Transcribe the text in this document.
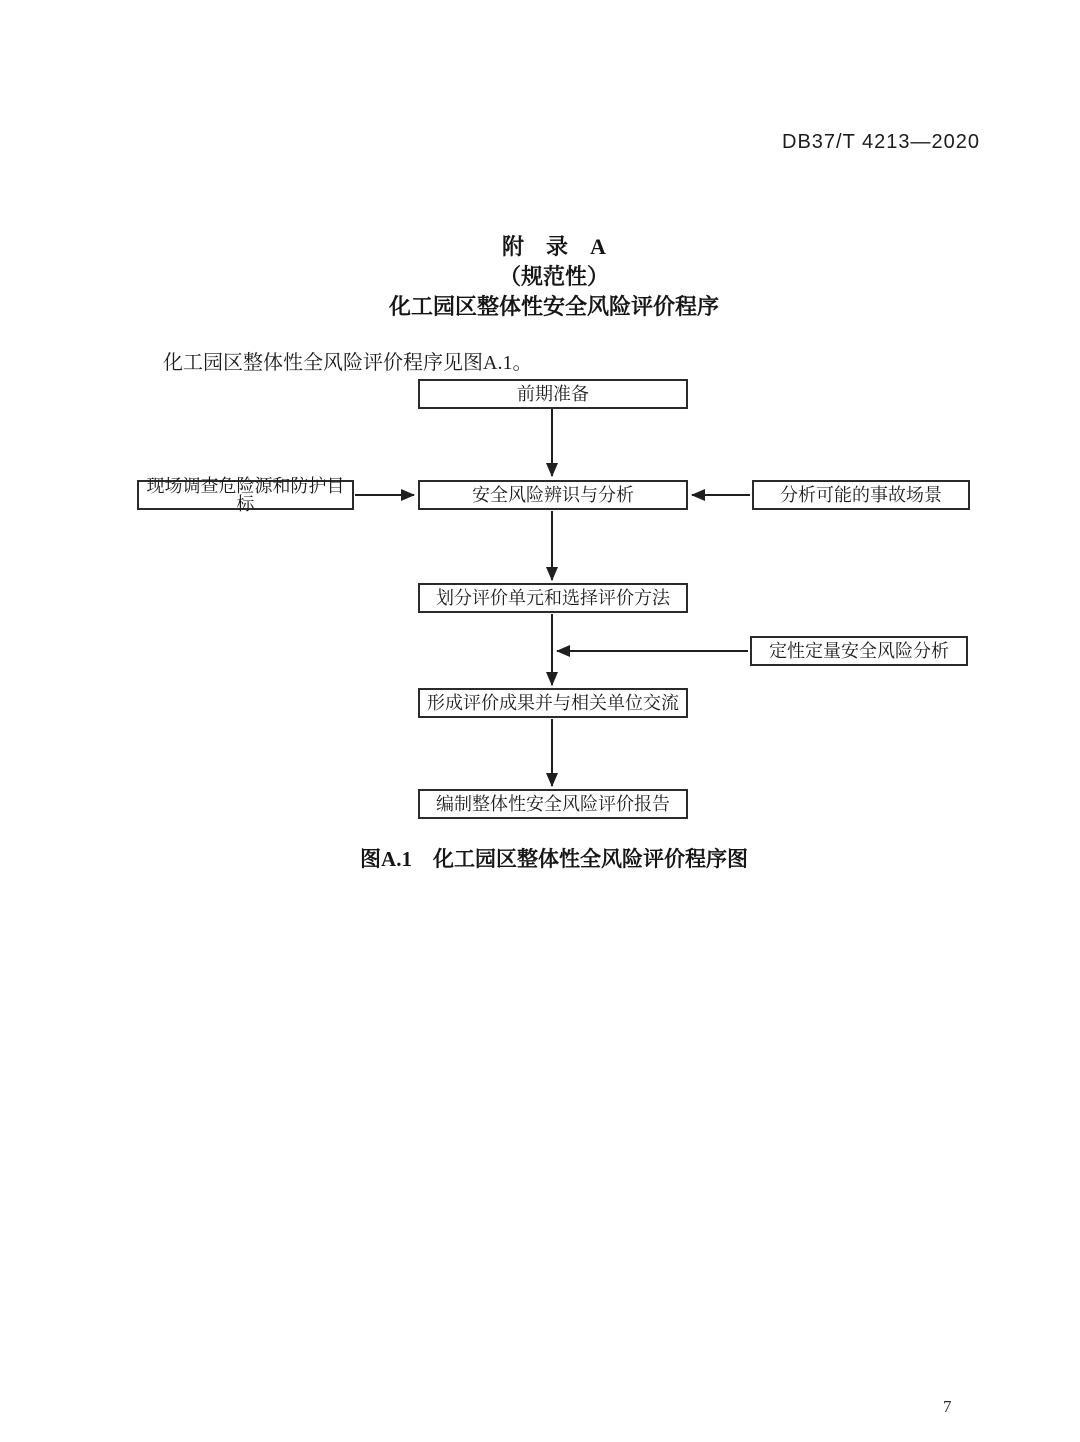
DB37/T 4213—2020
附　录　A
（规范性）
化工园区整体性安全风险评价程序
化工园区整体性全风险评价程序见图A.1。
前期准备
现场调查危险源和防护目标	安全风险辨识与分析	分析可能的事故场景
划分评价单元和选择评价方法
定性定量安全风险分析
形成评价成果并与相关单位交流
编制整体性安全风险评价报告
图A.1　化工园区整体性全风险评价程序图
7
